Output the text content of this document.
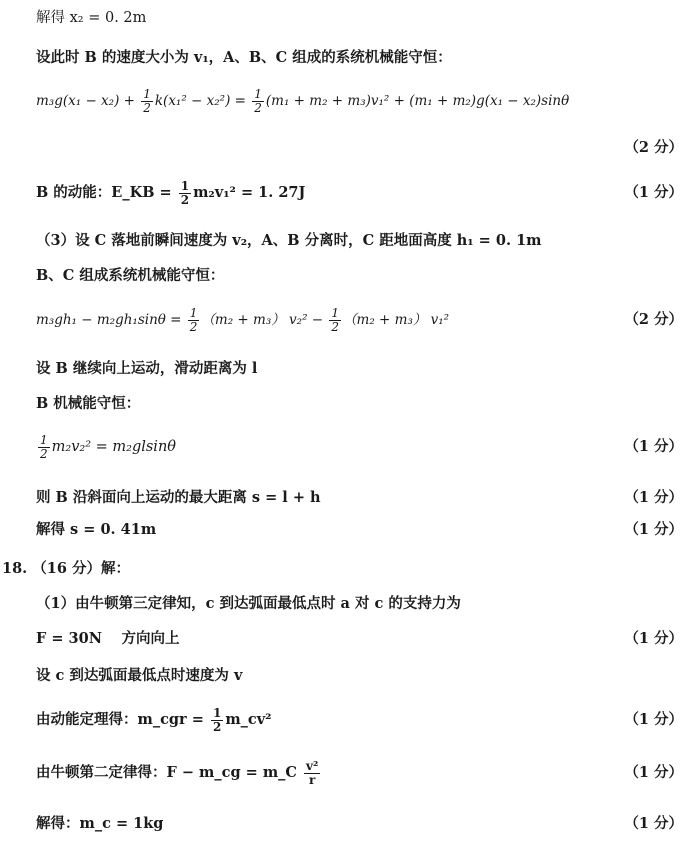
解得 x₂ = 0. 2m
设此时 B 的速度大小为 v₁，A、B、C 组成的系统机械能守恒：
$m_3g(x_1 - x_2) + \frac{1}{2} k(x_1^2 - x_2^2) = \frac{1}{2} (m_1 + m_2 + m_3)v_1^2 + (m_1 + m_2)g(x_1 - x_2)\sin\theta$
（2 分）
B 的动能：E_KB = $\frac{1}{2} m_2v_1^2 = 1$. 27J	（1 分）
（3）设 C 落地前瞬间速度为 v₂，A、B 分离时，C 距地面高度 h₁ = 0. 1m
B、C 组成系统机械能守恒：
$m_3gh_1 - m_2gh_1\sin\theta = \frac{1}{2} (m_2 + m_3) v_2^2 - \frac{1}{2} (m_2 + m_3)$ v₁²	（2 分）
设 B 继续向上运动，滑动距离为 l
B 机械能守恒：
$\frac{1}{2} m_2v_2^2 = m_2glsin\theta$	（1 分）
则 B 沿斜面向上运动的最大距离 s = l + h	（1 分）
解得 s = 0. 41m	（1 分）
18. （16 分）解：
（1）由牛顿第三定律知，c 到达弧面最低点时 a 对 c 的支持力为
F = 30N　 方向向上	（1 分）
设 c 到达弧面最低点时速度为 v
由动能定理得：m_cgr = $\frac{1}{2}$ m_cv²	（1 分）
由牛顿第二定律得：F − m_cg = m_C $\frac{\text{v²}}{r}$	（1 分）
解得：m_c = 1kg	（1 分）
